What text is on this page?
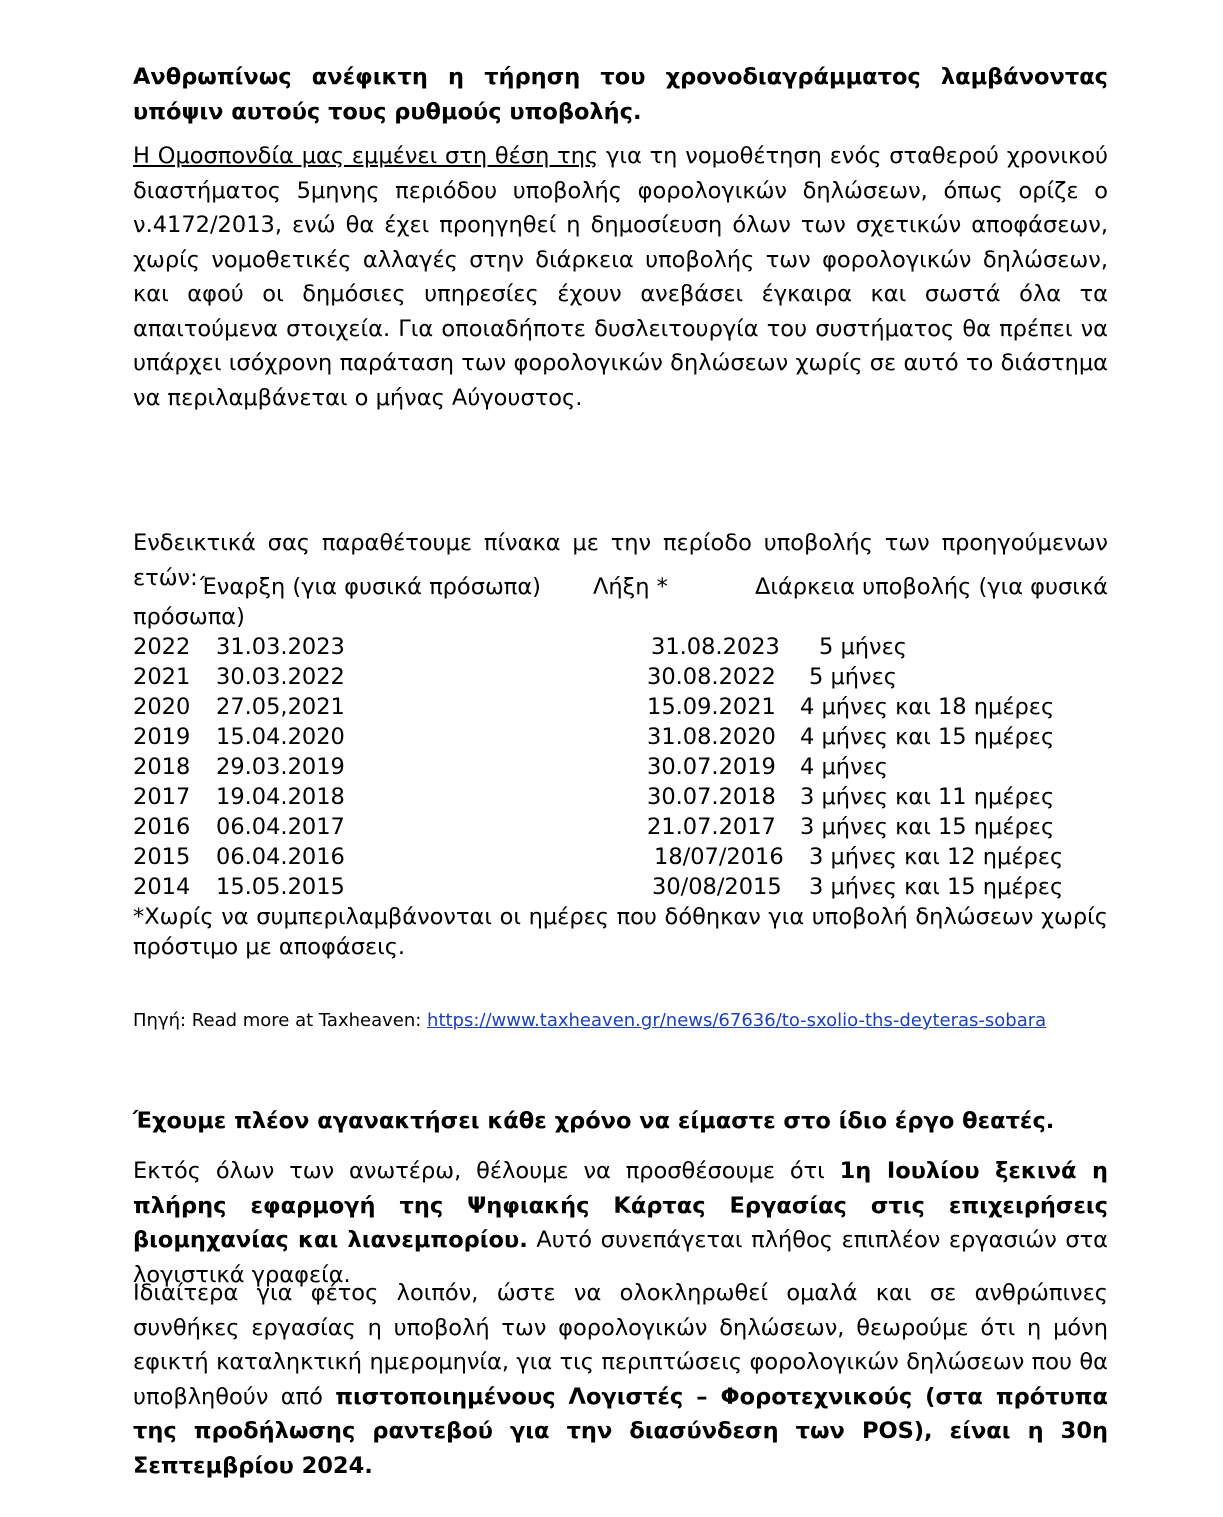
Ανθρωπίνως ανέφικτη η τήρηση του χρονοδιαγράμματος λαμβάνοντας υπόψιν αυτούς τους ρυθμούς υποβολής.

Η Ομοσπονδία μας εμμένει στη θέση της για τη νομοθέτηση ενός σταθερού χρονικού διαστήματος 5μηνης περιόδου υποβολής φορολογικών δηλώσεων, όπως ορίζε ο ν.4172/2013, ενώ θα έχει προηγηθεί η δημοσίευση όλων των σχετικών αποφάσεων, χωρίς νομοθετικές αλλαγές στην διάρκεια υποβολής των φορολογικών δηλώσεων, και αφού οι δημόσιες υπηρεσίες έχουν ανεβάσει έγκαιρα και σωστά όλα τα απαιτούμενα στοιχεία. Για οποιαδήποτε δυσλειτουργία του συστήματος θα πρέπει να υπάρχει ισόχρονη παράταση των φορολογικών δηλώσεων χωρίς σε αυτό το διάστημα να περιλαμβάνεται ο μήνας Αύγουστος.

Ενδεικτικά σας παραθέτουμε πίνακα με την περίοδο υποβολής των προηγούμενων ετών: Έναρξη (για φυσικά πρόσωπα) Λήξη *	Διάρκεια υποβολής (για φυσικά
πρόσωπα)
2022 31.03.2023	31.08.2023 5 μήνες
2021 30.03.2022	30.08.2022 5 μήνες
2020 27.05,2021	15.09.2021 4 μήνες και 18 ημέρες
2019 15.04.2020	31.08.2020 4 μήνες και 15 ημέρες
2018 29.03.2019	30.07.2019 4 μήνες
2017 19.04.2018	30.07.2018 3 μήνες και 11 ημέρες
2016 06.04.2017	21.07.2017 3 μήνες και 15 ημέρες
2015 06.04.2016	18/07/2016 3 μήνες και 12 ημέρες
2014 15.05.2015	30/08/2015 3 μήνες και 15 ημέρες
*Χωρίς να συμπεριλαμβάνονται οι ημέρες που δόθηκαν για υποβολή δηλώσεων χωρίς πρόστιμο με αποφάσεις.
Πηγή: Read more at Taxheaven: https://www.taxheaven.gr/news/67636/to-sxolio-ths-deyteras-sobara

Έχουμε πλέον αγανακτήσει κάθε χρόνο να είμαστε στο ίδιο έργο θεατές.

Εκτός όλων των ανωτέρω, θέλουμε να προσθέσουμε ότι 1η Ιουλίου ξεκινά η πλήρης εφαρμογή της Ψηφιακής Κάρτας Εργασίας στις επιχειρήσεις βιομηχανίας και λιανεμπορίου. Αυτό συνεπάγεται πλήθος επιπλέον εργασιών στα λογιστικά γραφεία.

Ιδιαίτερα για φέτος λοιπόν, ώστε να ολοκληρωθεί ομαλά και σε ανθρώπινες συνθήκες εργασίας η υποβολή των φορολογικών δηλώσεων, θεωρούμε ότι η μόνη εφικτή καταληκτική ημερομηνία, για τις περιπτώσεις φορολογικών δηλώσεων που θα υποβληθούν από πιστοποιημένους Λογιστές – Φοροτεχνικούς (στα πρότυπα της προδήλωσης ραντεβού για την διασύνδεση των POS), είναι η 30η Σεπτεμβρίου 2024.
